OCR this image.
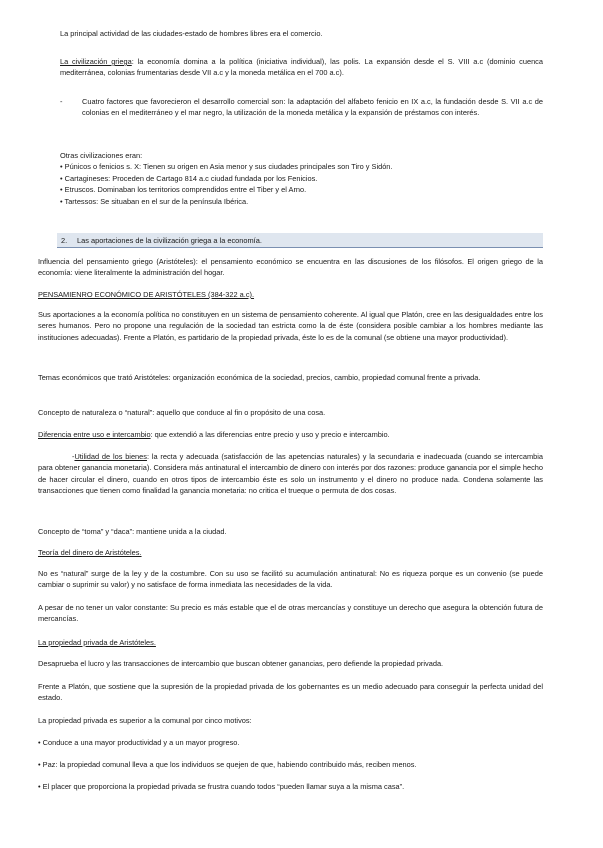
La principal actividad de las ciudades-estado de hombres libres era el comercio.

La civilización griega: la economía domina a la política (iniciativa individual), las polis. La expansión desde el S. VIII a.c (dominio cuenca mediterránea, colonias frumentarias desde VII a.c y la moneda metálica en el 700 a.c).

-	Cuatro factores que favorecieron el desarrollo comercial son: la adaptación del alfabeto fenicio en IX a.c, la fundación desde S. VII a.c de colonias en el mediterráneo y el mar negro, la utilización de la moneda metálica y la expansión de préstamos con interés.
Otras civilizaciones eran:
• Púnicos o fenicios s. X: Tienen su origen en Asia menor y sus ciudades principales son Tiro y Sidón.
• Cartagineses: Proceden de Cartago 814 a.c ciudad fundada por los Fenicios.
• Etruscos. Dominaban los territorios comprendidos entre el Tiber y el Arno.
• Tartessos: Se situaban en el sur de la península Ibérica.
2. Las aportaciones de la civilización griega a la economía.

Influencia del pensamiento griego (Aristóteles): el pensamiento económico se encuentra en las discusiones de los filósofos. El origen griego de la economía: viene literalmente la administración del hogar.

PENSAMIENRO ECONÓMICO DE ARISTÓTELES (384-322 a.c).

Sus aportaciones a la economía política no constituyen en un sistema de pensamiento coherente. Al igual que Platón, cree en las desigualdades entre los seres humanos. Pero no propone una regulación de la sociedad tan estricta como la de éste (considera posible cambiar a los hombres mediante las instituciones adecuadas). Frente a Platón, es partidario de la propiedad privada, éste lo es de la comunal (se obtiene una mayor productividad).

Temas económicos que trató Aristóteles: organización económica de la sociedad, precios, cambio, propiedad comunal frente a privada.

Concepto de naturaleza o “natural”: aquello que conduce al fin o propósito de una cosa.

Diferencia entre uso e intercambio: que extendió a las diferencias entre precio y uso y precio e intercambio.

-Utilidad de los bienes: la recta y adecuada (satisfacción de las apetencias naturales) y la secundaria e inadecuada (cuando se intercambia para obtener ganancia monetaria). Considera más antinatural el intercambio de dinero con interés por dos razones: produce ganancia por el simple hecho de hacer circular el dinero, cuando en otros tipos de intercambio éste es solo un instrumento y el dinero no produce nada. Condena solamente las transacciones que tienen como finalidad la ganancia monetaria: no critica el trueque o permuta de dos cosas.

Concepto de “toma” y “daca”: mantiene unida a la ciudad.

Teoría del dinero de Aristóteles.

No es “natural” surge de la ley y de la costumbre. Con su uso se facilitó su acumulación antinatural: No es riqueza porque es un convenio (se puede cambiar o suprimir su valor) y no satisface de forma inmediata las necesidades de la vida.

A pesar de no tener un valor constante: Su precio es más estable que el de otras mercancías y constituye un derecho que asegura la obtención futura de mercancías.

La propiedad privada de Aristóteles.

Desaprueba el lucro y las transacciones de intercambio que buscan obtener ganancias, pero defiende la propiedad privada.

Frente a Platón, que sostiene que la supresión de la propiedad privada de los gobernantes es un medio adecuado para conseguir la perfecta unidad del estado.

La propiedad privada es superior a la comunal por cinco motivos:

• Conduce a una mayor productividad y a un mayor progreso.

• Paz: la propiedad comunal lleva a que los individuos se quejen de que, habiendo contribuido más, reciben menos.

• El placer que proporciona la propiedad privada se frustra cuando todos “pueden llamar suya a la misma casa”.
